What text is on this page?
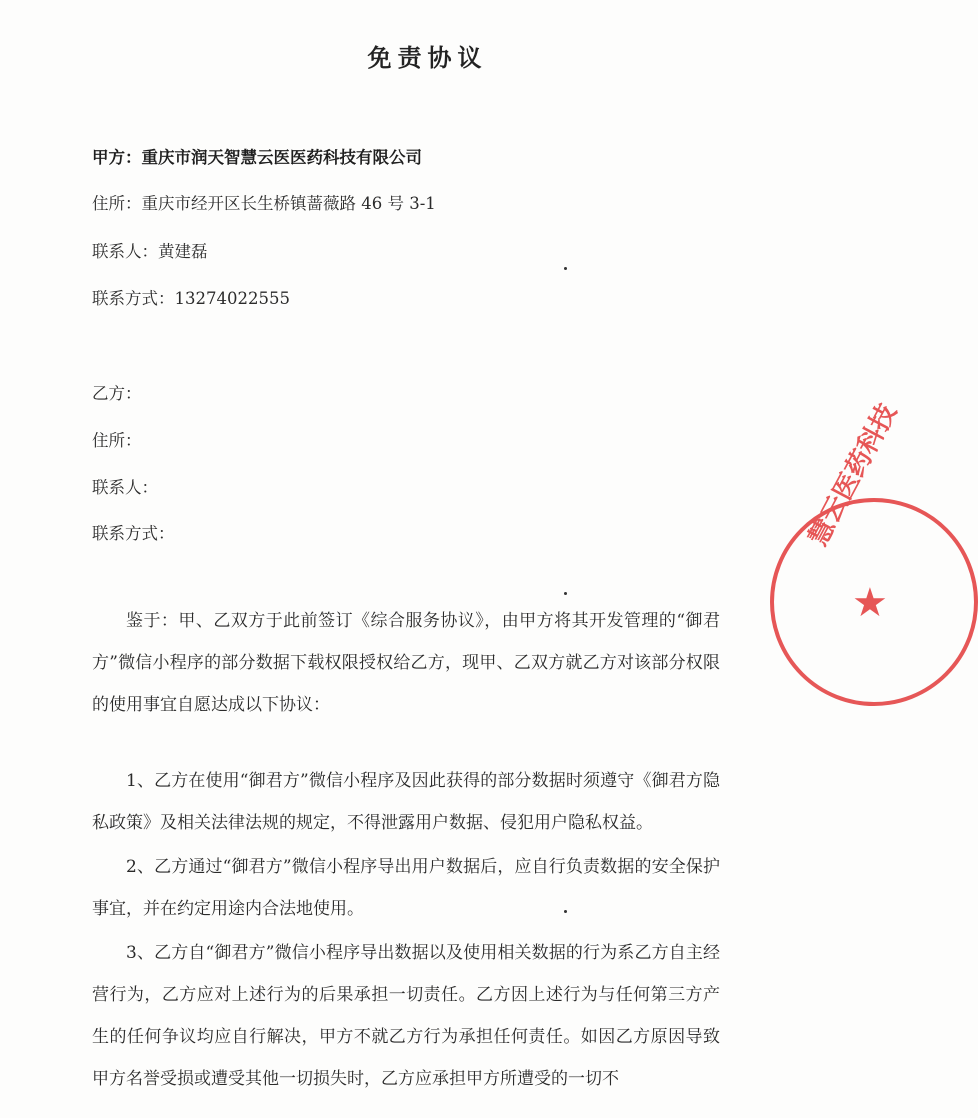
免责协议
甲方：重庆市润天智慧云医医药科技有限公司
住所：重庆市经开区长生桥镇蔷薇路 46 号 3-1
联系人：黄建磊
联系方式：13274022555
乙方：
住所：
联系人：
联系方式：
鉴于：甲、乙双方于此前签订《综合服务协议》，由甲方将其开发管理的“御君方”微信小程序的部分数据下载权限授权给乙方，现甲、乙双方就乙方对该部分权限的使用事宜自愿达成以下协议：
1、乙方在使用“御君方”微信小程序及因此获得的部分数据时须遵守《御君方隐私政策》及相关法律法规的规定，不得泄露用户数据、侵犯用户隐私权益。
2、乙方通过“御君方”微信小程序导出用户数据后，应自行负责数据的安全保护事宜，并在约定用途内合法地使用。
3、乙方自“御君方”微信小程序导出数据以及使用相关数据的行为系乙方自主经营行为，乙方应对上述行为的后果承担一切责任。乙方因上述行为与任何第三方产生的任何争议均应自行解决，甲方不就乙方行为承担任何责任。如因乙方原因导致甲方名誉受损或遭受其他一切损失时，乙方应承担甲方所遭受的一切不
慧云医药科技
★
